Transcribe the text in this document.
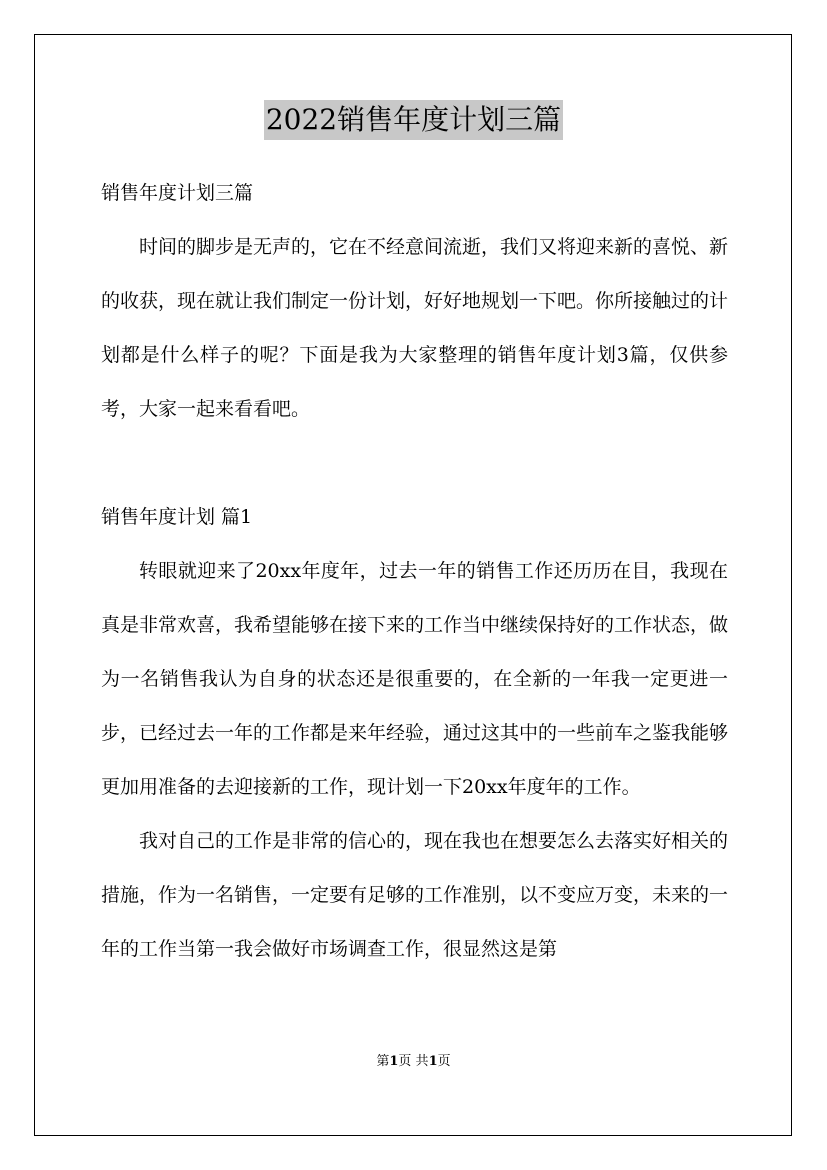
2022销售年度计划三篇

销售年度计划三篇

时间的脚步是无声的，它在不经意间流逝，我们又将迎来新的喜悦、新的收获，现在就让我们制定一份计划，好好地规划一下吧。你所接触过的计划都是什么样子的呢？下面是我为大家整理的销售年度计划3篇，仅供参考，大家一起来看看吧。

销售年度计划 篇1

转眼就迎来了20xx年度年，过去一年的销售工作还历历在目，我现在真是非常欢喜，我希望能够在接下来的工作当中继续保持好的工作状态，做为一名销售我认为自身的状态还是很重要的，在全新的一年我一定更进一步，已经过去一年的工作都是来年经验，通过这其中的一些前车之鉴我能够更加用准备的去迎接新的工作，现计划一下20xx年度年的工作。

我对自己的工作是非常的信心的，现在我也在想要怎么去落实好相关的措施，作为一名销售，一定要有足够的工作准别，以不变应万变，未来的一年的工作当第一我会做好市场调查工作，很显然这是第

第1页 共1页
